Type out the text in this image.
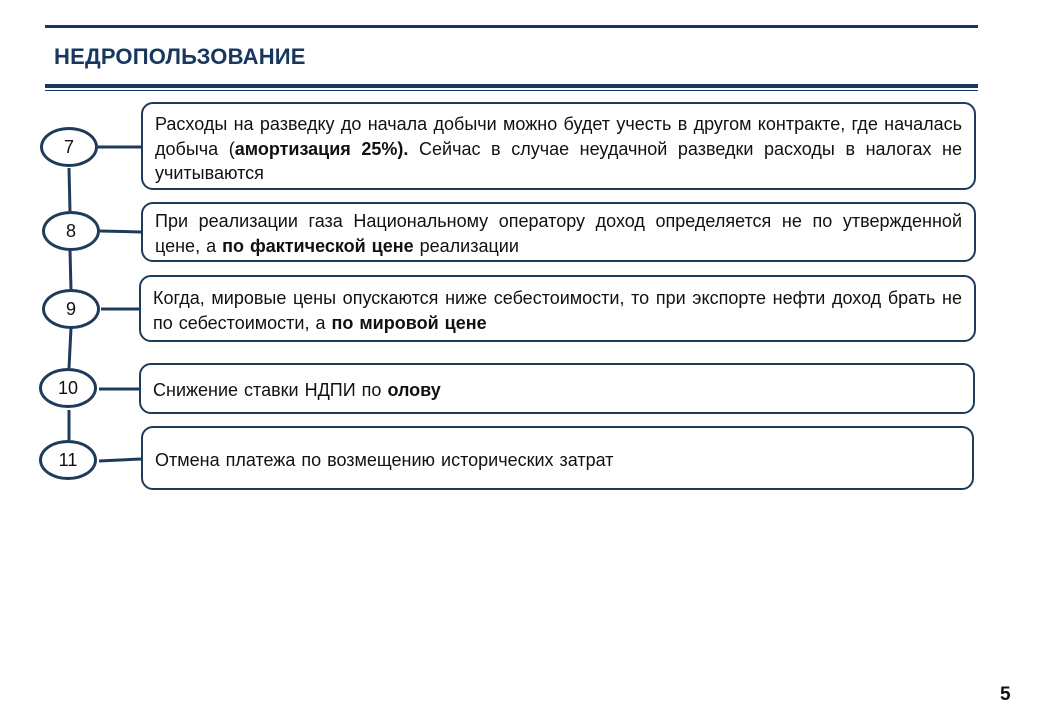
НЕДРОПОЛЬЗОВАНИЕ
7
Расходы на разведку до начала добычи можно будет учесть в другом контракте, где началась добыча (амортизация 25%). Сейчас в случае неудачной разведки расходы в налогах не учитываются
8	При реализации газа Национальному оператору доход определяется не по утвержденной цене, а по фактической цене реализации
9
Когда, мировые цены опускаются ниже себестоимости, то при экспорте нефти доход брать не по себестоимости, а по мировой цене
10	Снижение ставки НДПИ по олову
11	Отмена платежа по возмещению исторических затрат
5
